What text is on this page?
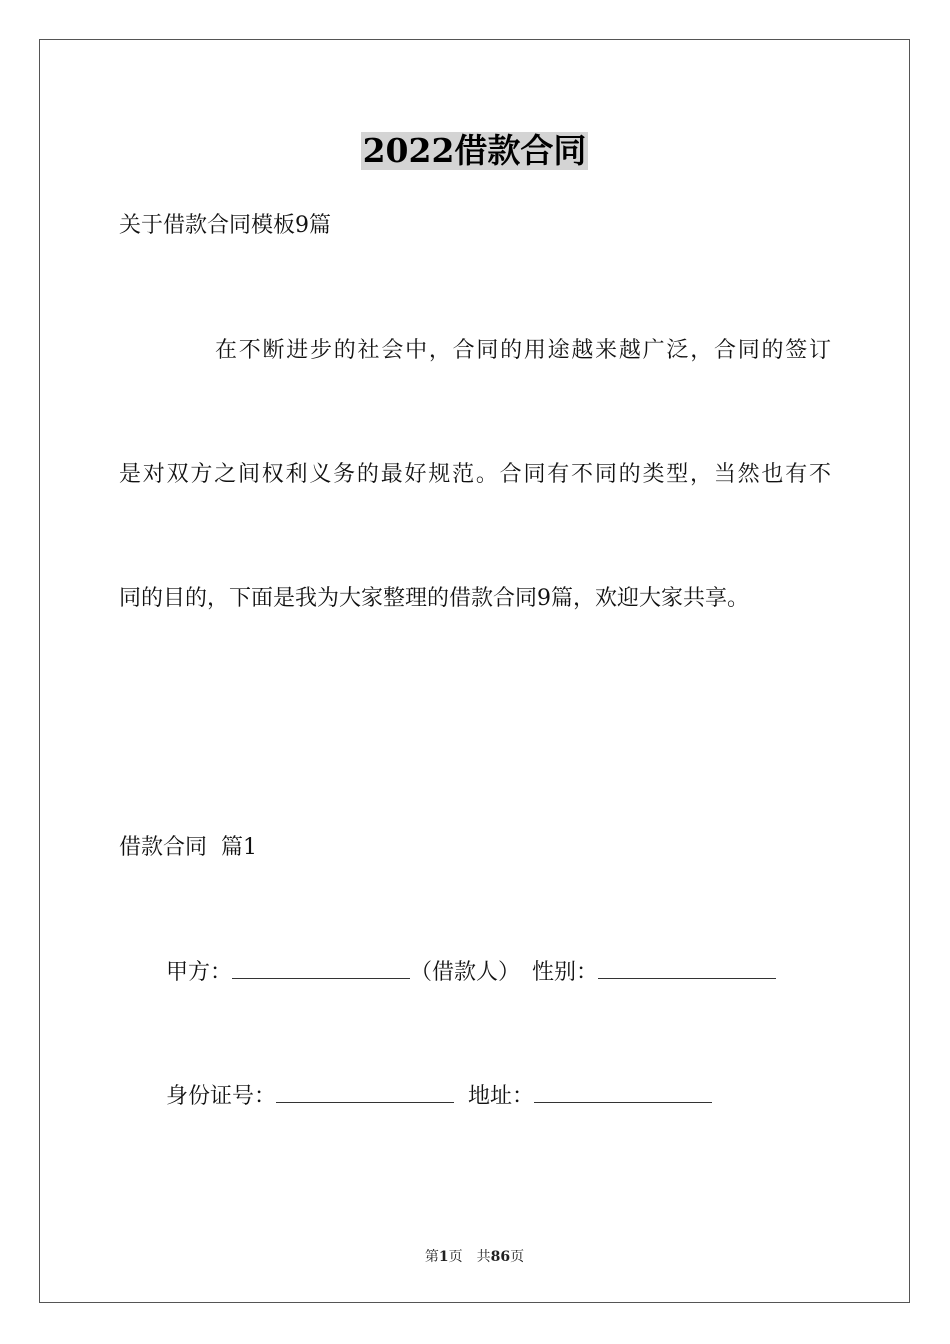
2022借款合同
关于借款合同模板9篇
在不断进步的社会中，合同的用途越来越广泛，合同的签订
是对双方之间权利义务的最好规范。合同有不同的类型，当然也有不
同的目的，下面是我为大家整理的借款合同9篇，欢迎大家共享。
借款合同  篇1
甲方：	（借款人） 性别：
身份证号：	地址：
第1页 共86页
